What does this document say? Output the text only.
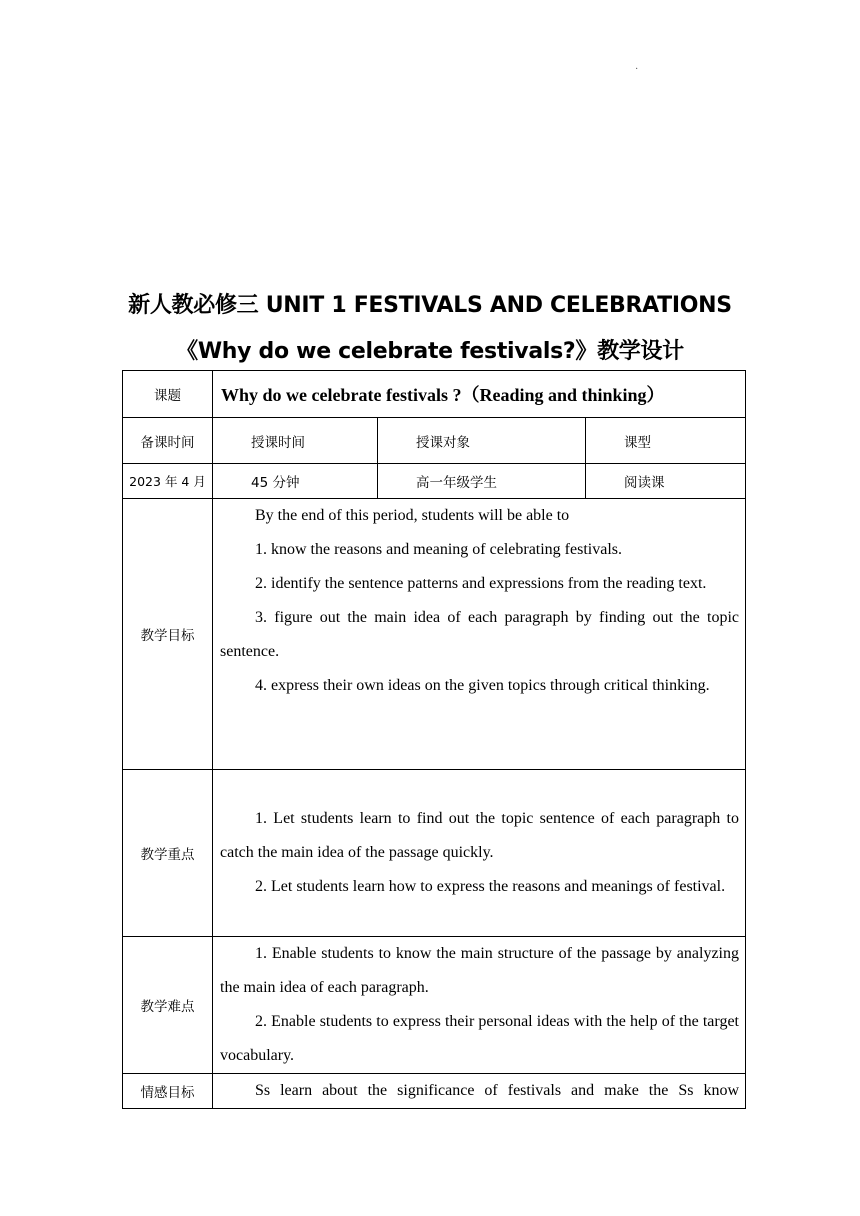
·
新人教必修三 UNIT 1 FESTIVALS AND CELEBRATIONS
《Why do we celebrate festivals?》教学设计
课题	Why do we celebrate festivals ?（Reading and thinking）		
备课时间	授课时间	授课对象	课型
2023 年 4 月	45 分钟	高一年级学生	阅读课
教学目标	By the end of this period, students will be able to

1. know the reasons and meaning of celebrating festivals.

2. identify the sentence patterns and expressions from the reading text.

3. figure out the main idea of each paragraph by finding out the topic sentence.

4. express their own ideas on the given topics through critical thinking.		

教学重点	1. Let students learn to find out the topic sentence of each paragraph to catch the main idea of the passage quickly.

2. Let students learn how to express the reasons and meanings of festival.		

教学难点	1. Enable students to know the main structure of the passage by analyzing the main idea of each paragraph.

2. Enable students to express their personal ideas with the help of the target vocabulary.		

情感目标	Ss learn about the significance of festivals and make the Ss know		
